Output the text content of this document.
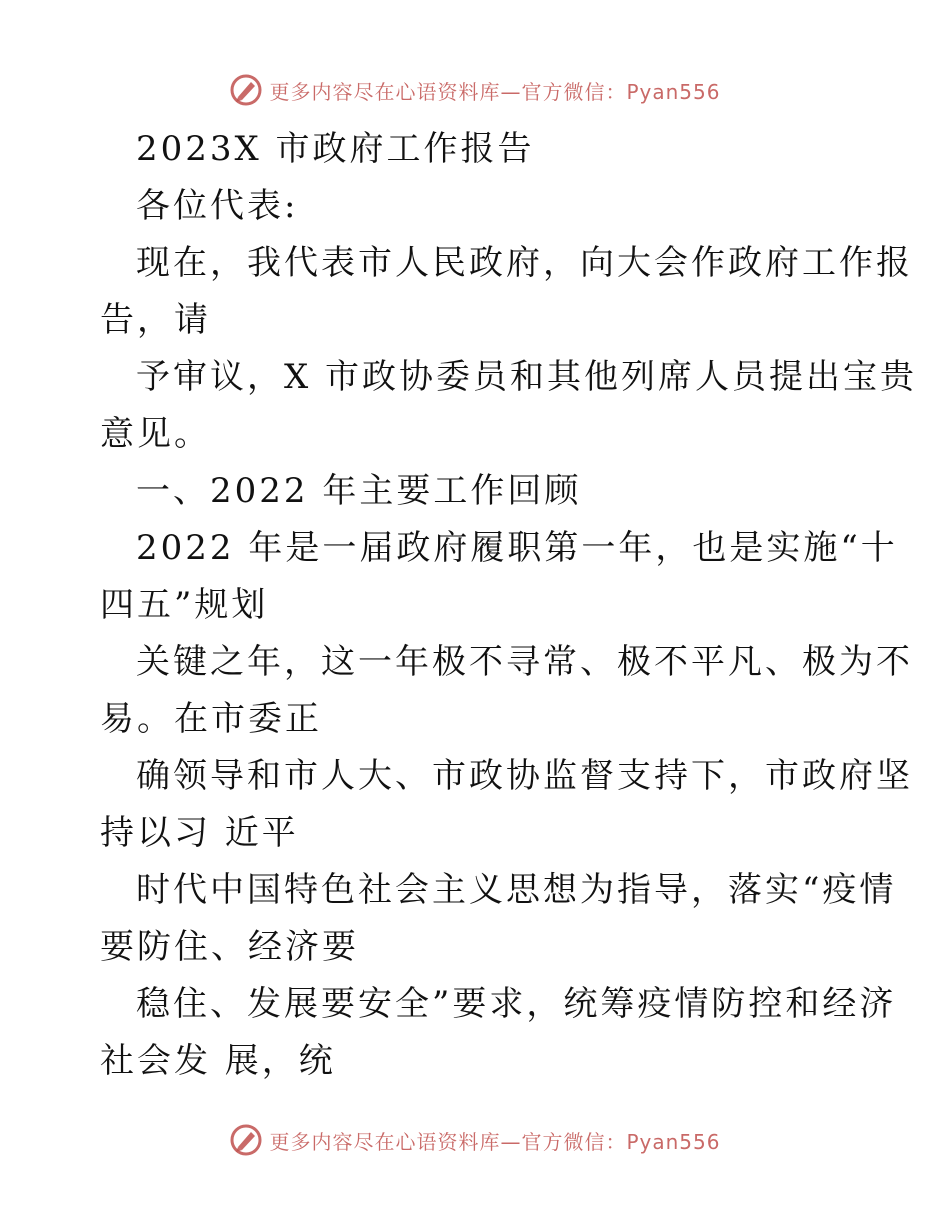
更多内容尽在心语资料库—官方微信：Pyan556
2023X 市政府工作报告
各位代表:
现在，我代表市人民政府，向大会作政府工作报
告，请
予审议，X 市政协委员和其他列席人员提出宝贵
意见。
一、2022 年主要工作回顾
2022 年是一届政府履职第一年，也是实施“十
四五”规划
关键之年，这一年极不寻常、极不平凡、极为不
易。在市委正
确领导和市人大、市政协监督支持下，市政府坚
持以习 近平
时代中国特色社会主义思想为指导，落实“疫情
要防住、经济要
稳住、发展要安全”要求，统筹疫情防控和经济
社会发 展，统
更多内容尽在心语资料库—官方微信：Pyan556
